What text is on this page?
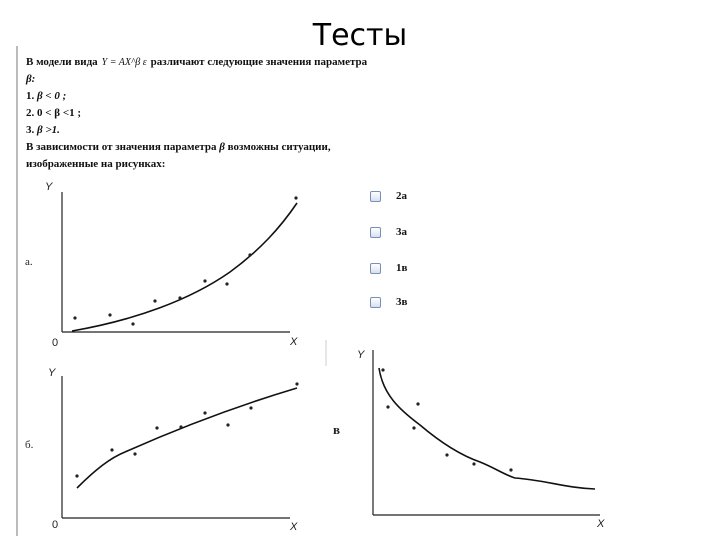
Тесты
В модели вида Y = AX^β ε различают следующие значения параметра
β:
1. β < 0 ;
2. 0 < β <1 ;
3. β >1.
В зависимости от значения параметра β возможны ситуации,
изображенные на рисунках:
Y
X
0
а.
Y
X
0
б.
Y
X
в
2а
3а
1в
3в
